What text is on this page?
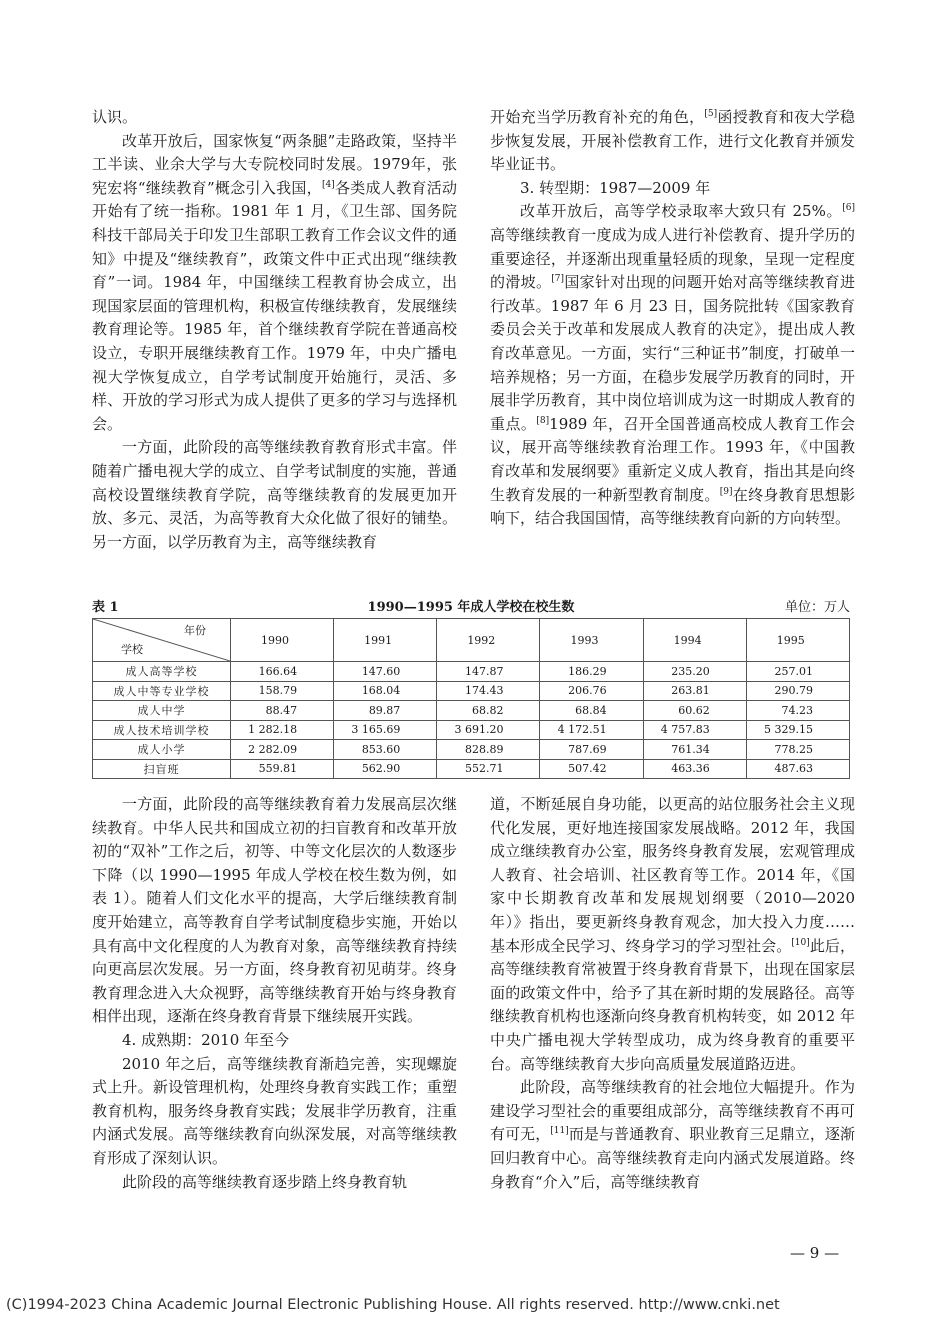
认识。

改革开放后，国家恢复“两条腿”走路政策，坚持半工半读、业余大学与大专院校同时发展。1979年，张宪宏将“继续教育”概念引入我国，[4]各类成人教育活动开始有了统一指称。1981 年 1 月，《卫生部、国务院科技干部局关于印发卫生部职工教育工作会议文件的通知》中提及“继续教育”，政策文件中正式出现“继续教育”一词。1984 年，中国继续工程教育协会成立，出现国家层面的管理机构，积极宣传继续教育，发展继续教育理论等。1985 年，首个继续教育学院在普通高校设立，专职开展继续教育工作。1979 年，中央广播电视大学恢复成立，自学考试制度开始施行，灵活、多样、开放的学习形式为成人提供了更多的学习与选择机会。

一方面，此阶段的高等继续教育教育形式丰富。伴随着广播电视大学的成立、自学考试制度的实施，普通高校设置继续教育学院，高等继续教育的发展更加开放、多元、灵活，为高等教育大众化做了很好的铺垫。另一方面，以学历教育为主，高等继续教育

开始充当学历教育补充的角色，[5]函授教育和夜大学稳步恢复发展，开展补偿教育工作，进行文化教育并颁发毕业证书。

3. 转型期：1987—2009 年

改革开放后，高等学校录取率大致只有 25%。[6]高等继续教育一度成为成人进行补偿教育、提升学历的重要途径，并逐渐出现重量轻质的现象，呈现一定程度的滑坡。[7]国家针对出现的问题开始对高等继续教育进行改革。1987 年 6 月 23 日，国务院批转《国家教育委员会关于改革和发展成人教育的决定》，提出成人教育改革意见。一方面，实行“三种证书”制度，打破单一培养规格；另一方面，在稳步发展学历教育的同时，开展非学历教育，其中岗位培训成为这一时期成人教育的重点。[8]1989 年，召开全国普通高校成人教育工作会议，展开高等继续教育治理工作。1993 年，《中国教育改革和发展纲要》重新定义成人教育，指出其是向终生教育发展的一种新型教育制度。[9]在终身教育思想影响下，结合我国国情，高等继续教育向新的方向转型。

表 1	1990—1995 年成人学校在校生数	单位：万人
年份
学校	1990	1991	1992	1993	1994	1995
成人高等学校	166.64	147.60	147.87	186.29	235.20	257.01
成人中等专业学校	158.79	168.04	174.43	206.76	263.81	290.79
成人中学	88.47	89.87	68.82	68.84	60.62	74.23
成人技术培训学校	1 282.18	3 165.69	3 691.20	4 172.51	4 757.83	5 329.15
成人小学	2 282.09	853.60	828.89	787.69	761.34	778.25
扫盲班	559.81	562.90	552.71	507.42	463.36	487.63

一方面，此阶段的高等继续教育着力发展高层次继续教育。中华人民共和国成立初的扫盲教育和改革开放初的“双补”工作之后，初等、中等文化层次的人数逐步下降（以 1990—1995 年成人学校在校生数为例，如表 1）。随着人们文化水平的提高，大学后继续教育制度开始建立，高等教育自学考试制度稳步实施，开始以具有高中文化程度的人为教育对象，高等继续教育持续向更高层次发展。另一方面，终身教育初见萌芽。终身教育理念进入大众视野，高等继续教育开始与终身教育相伴出现，逐渐在终身教育背景下继续展开实践。

4. 成熟期：2010 年至今

2010 年之后，高等继续教育渐趋完善，实现螺旋式上升。新设管理机构，处理终身教育实践工作；重塑教育机构，服务终身教育实践；发展非学历教育，注重内涵式发展。高等继续教育向纵深发展，对高等继续教育形成了深刻认识。

此阶段的高等继续教育逐步踏上终身教育轨

道，不断延展自身功能，以更高的站位服务社会主义现代化发展，更好地连接国家发展战略。2012 年，我国成立继续教育办公室，服务终身教育发展，宏观管理成人教育、社会培训、社区教育等工作。2014 年，《国家中长期教育改革和发展规划纲要（2010—2020 年）》指出，要更新终身教育观念，加大投入力度……基本形成全民学习、终身学习的学习型社会。[10]此后，高等继续教育常被置于终身教育背景下，出现在国家层面的政策文件中，给予了其在新时期的发展路径。高等继续教育机构也逐渐向终身教育机构转变，如 2012 年中央广播电视大学转型成功，成为终身教育的重要平台。高等继续教育大步向高质量发展道路迈进。

此阶段，高等继续教育的社会地位大幅提升。作为建设学习型社会的重要组成部分，高等继续教育不再可有可无，[11]而是与普通教育、职业教育三足鼎立，逐渐回归教育中心。高等继续教育走向内涵式发展道路。终身教育“介入”后，高等继续教育

— 9 —
(C)1994-2023 China Academic Journal Electronic Publishing House. All rights reserved. http://www.cnki.net
